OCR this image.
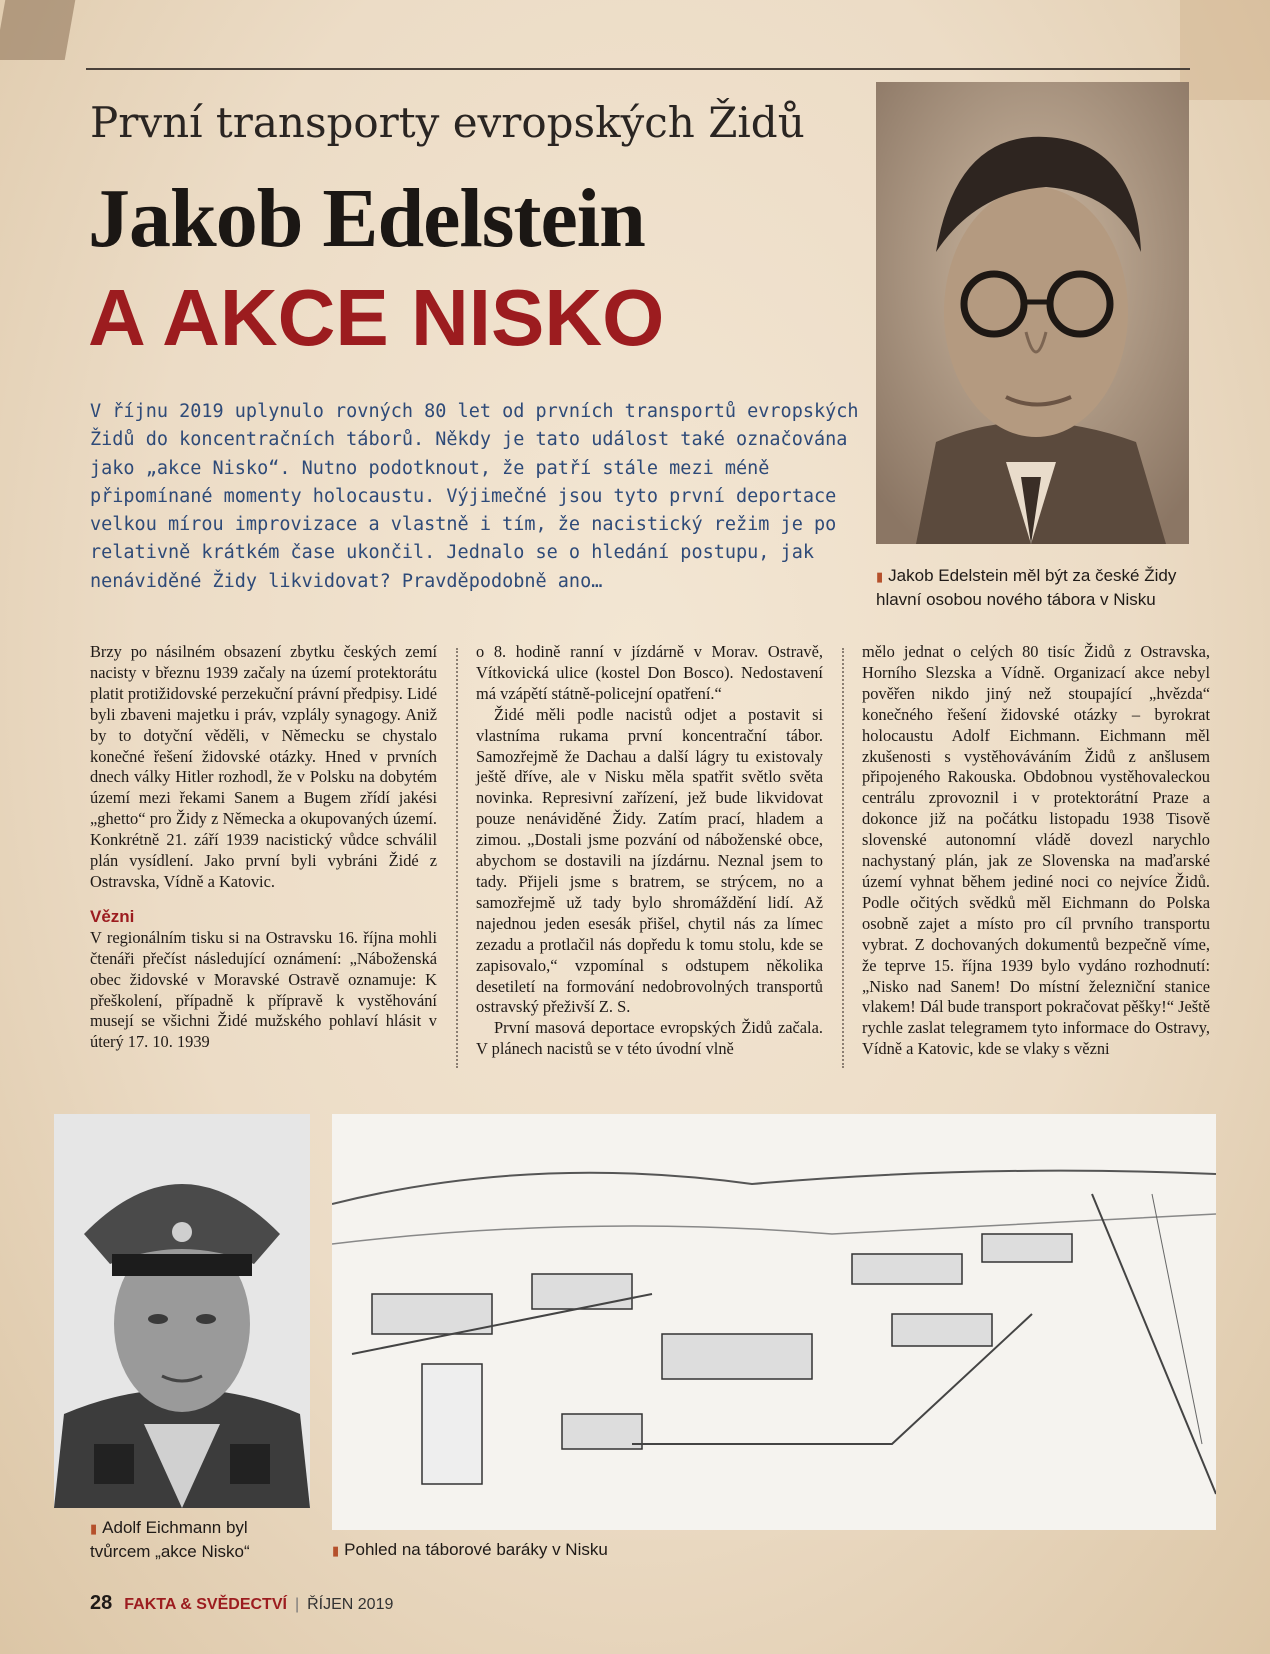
První transporty evropských Židů
Jakob Edelstein
A AKCE NISKO
V říjnu 2019 uplynulo rovných 80 let od prvních transportů evropských Židů do koncentračních táborů. Někdy je tato událost také označována jako „akce Nisko“. Nutno podotknout, že patří stále mezi méně připomínané momenty holocaustu. Výjimečné jsou tyto první deportace velkou mírou improvizace a vlastně i tím, že nacistický režim je po relativně krátkém čase ukončil. Jednalo se o hledání postupu, jak nenáviděné Židy likvidovat? Pravděpodobně ano…	▮ Jakob Edelstein měl být za české Židy hlavní osobou nového tábora v Nisku

Brzy po násilném obsazení zbytku českých zemí nacisty v březnu 1939 začaly na území protektorátu platit protižidovské perzekuční právní předpisy. Lidé byli zbaveni majetku i práv, vzplály synagogy. Aniž by to dotyční věděli, v Německu se chystalo konečné řešení židovské otázky. Hned v prvních dnech války Hitler rozhodl, že v Polsku na dobytém území mezi řekami Sanem a Bugem zřídí jakési „ghetto“ pro Židy z Německa a okupovaných území. Konkrétně 21. září 1939 nacistický vůdce schválil plán vysídlení. Jako první byli vybráni Židé z Ostravska, Vídně a Katovic.

Vězni

V regionálním tisku si na Ostravsku 16. října mohli čtenáři přečíst následující oznámení: „Náboženská obec židovské v Moravské Ostravě oznamuje: K přeškolení, případně k přípravě k vystěhování musejí se všichni Židé mužského pohlaví hlásit v úterý 17. 10. 1939

o 8. hodině ranní v jízdárně v Morav. Ostravě, Vítkovická ulice (kostel Don Bosco). Nedostavení má vzápětí státně-policejní opatření.“

Židé měli podle nacistů odjet a postavit si vlastníma rukama první koncentrační tábor. Samozřejmě že Dachau a další lágry tu existovaly ještě dříve, ale v Nisku měla spatřit světlo světa novinka. Represivní zařízení, jež bude likvidovat pouze nenáviděné Židy. Zatím prací, hladem a zimou. „Dostali jsme pozvání od náboženské obce, abychom se dostavili na jízdárnu. Neznal jsem to tady. Přijeli jsme s bratrem, se strýcem, no a samozřejmě už tady bylo shromáždění lidí. Až najednou jeden esesák přišel, chytil nás za límec zezadu a protlačil nás dopředu k tomu stolu, kde se zapisovalo,“ vzpomínal s odstupem několika desetiletí na formování nedobrovolných transportů ostravský přeživší Z. S.

První masová deportace evropských Židů začala. V plánech nacistů se v této úvodní vlně

mělo jednat o celých 80 tisíc Židů z Ostravska, Horního Slezska a Vídně. Organizací akce nebyl pověřen nikdo jiný než stoupající „hvězda“ konečného řešení židovské otázky – byrokrat holocaustu Adolf Eichmann. Eichmann měl zkušenosti s vystěhováváním Židů z anšlusem připojeného Rakouska. Obdobnou vystěhovaleckou centrálu zprovoznil i v protektorátní Praze a dokonce již na počátku listopadu 1938 Tisově slovenské autonomní vládě dovezl narychlo nachystaný plán, jak ze Slovenska na maďarské území vyhnat během jediné noci co nejvíce Židů. Podle očitých svědků měl Eichmann do Polska osobně zajet a místo pro cíl prvního transportu vybrat. Z dochovaných dokumentů bezpečně víme, že teprve 15. října 1939 bylo vydáno rozhodnutí: „Nisko nad Sanem! Do místní železniční stanice vlakem! Dál bude transport pokračovat pěšky!“ Ještě rychle zaslat telegramem tyto informace do Ostravy, Vídně a Katovic, kde se vlaky s vězni

▮ Adolf Eichmann byl tvůrcem „akce Nisko“	▮ Pohled na táborové baráky v Nisku
28 FAKTA & SVĚDECTVÍ | ŘÍJEN 2019
